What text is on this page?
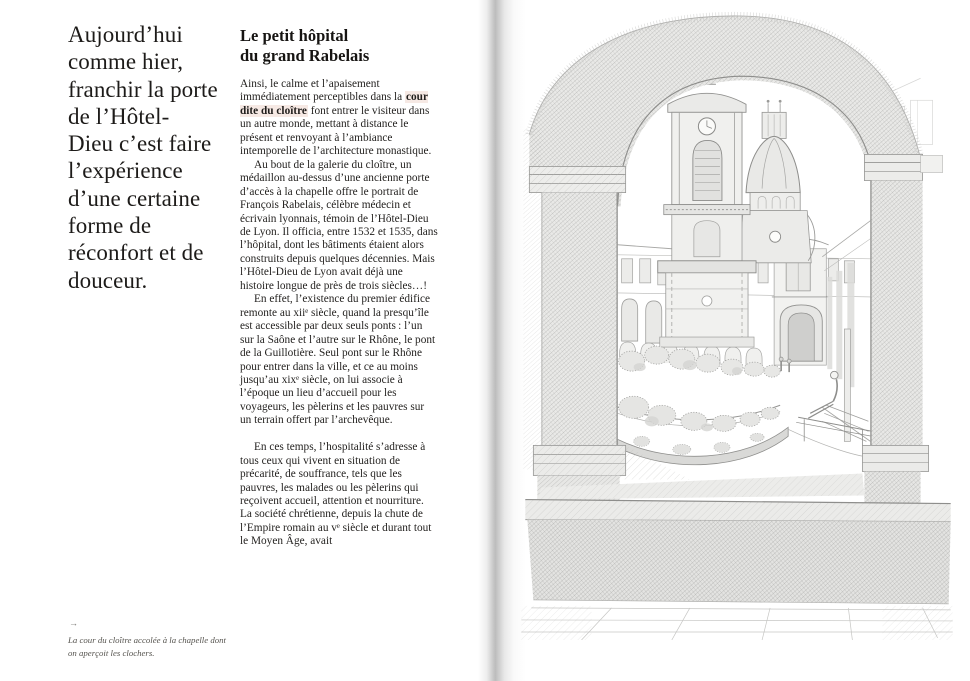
Aujourd’hui
comme hier,
franchir la porte
de l’Hôtel-
Dieu c’est faire
l’expérience
d’une certaine
forme de
réconfort et de
douceur.
Le petit hôpital
du grand Rabelais

Ainsi, le calme et l’apaisement immédiatement perceptibles dans la cour dite du cloître font entrer le visiteur dans un autre monde, mettant à distance le présent et renvoyant à l’ambiance intemporelle de l’architecture monastique.

Au bout de la galerie du cloître, un médaillon au-dessus d’une ancienne porte d’accès à la chapelle offre le portrait de François Rabelais, célèbre médecin et écrivain lyonnais, témoin de l’Hôtel-Dieu de Lyon. Il officia, entre 1532 et 1535, dans l’hôpital, dont les bâtiments étaient alors construits depuis quelques décennies. Mais l’Hôtel-Dieu de Lyon avait déjà une histoire longue de près de trois siècles…!

En effet, l’existence du premier édifice remonte au xiiᵉ siècle, quand la presqu’île est accessible par deux seuls ponts : l’un sur la Saône et l’autre sur le Rhône, le pont de la Guillotière. Seul pont sur le Rhône pour entrer dans la ville, et ce au moins jusqu’au xixᵉ siècle, on lui associe à l’époque un lieu d’accueil pour les voyageurs, les pèlerins et les pauvres sur un terrain offert par l’archevêque.

En ces temps, l’hospitalité s’adresse à tous ceux qui vivent en situation de précarité, de souffrance, tels que les pauvres, les malades ou les pèlerins qui reçoivent accueil, attention et nourriture. La société chrétienne, depuis la chute de l’Empire romain au vᵉ siècle et durant tout le Moyen Âge, avait

→
La cour du cloître accolée à la chapelle dont on aperçoit les clochers.
